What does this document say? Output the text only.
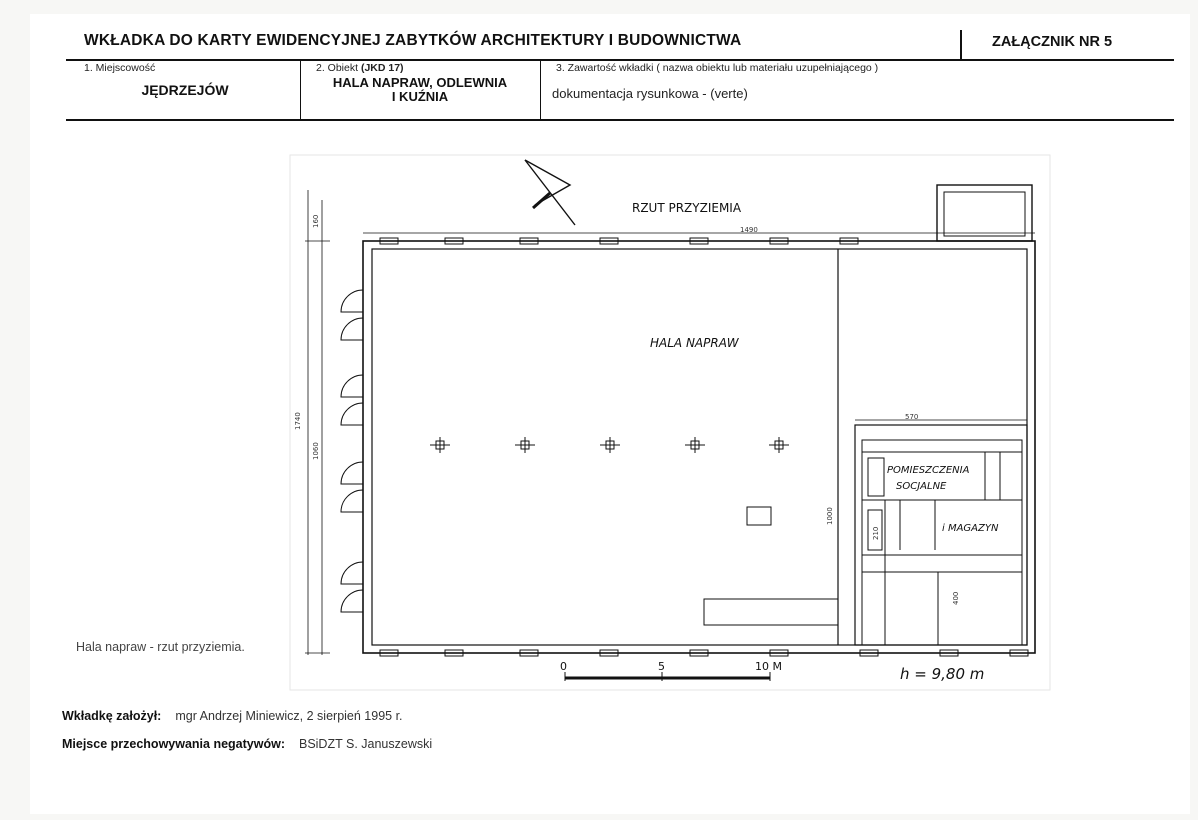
WKŁADKA DO KARTY EWIDENCYJNEJ ZABYTKÓW ARCHITEKTURY I BUDOWNICTWA	ZAŁĄCZNIK NR 5
1. Miejscowość
JĘDRZEJÓW
2. Obiekt (JKD 17)
HALA NAPRAW, ODLEWNIA
I KUŹNIA
3. Zawartość wkładki ( nazwa obiektu lub materiału uzupełniającego )
dokumentacja rysunkowa - (verte)
1490
570
1740
1060
160
1000
210
400
RZUT PRZYZIEMIA
HALA NAPRAW
POMIESZCZENIA
SOCJALNE
i MAGAZYN
0	5	10 M	h = 9,80 m
Hala napraw - rzut przyziemia.
Wkładkę założył: mgr Andrzej Miniewicz, 2 sierpień 1995 r.
Miejsce przechowywania negatywów: BSiDZT S. Januszewski
